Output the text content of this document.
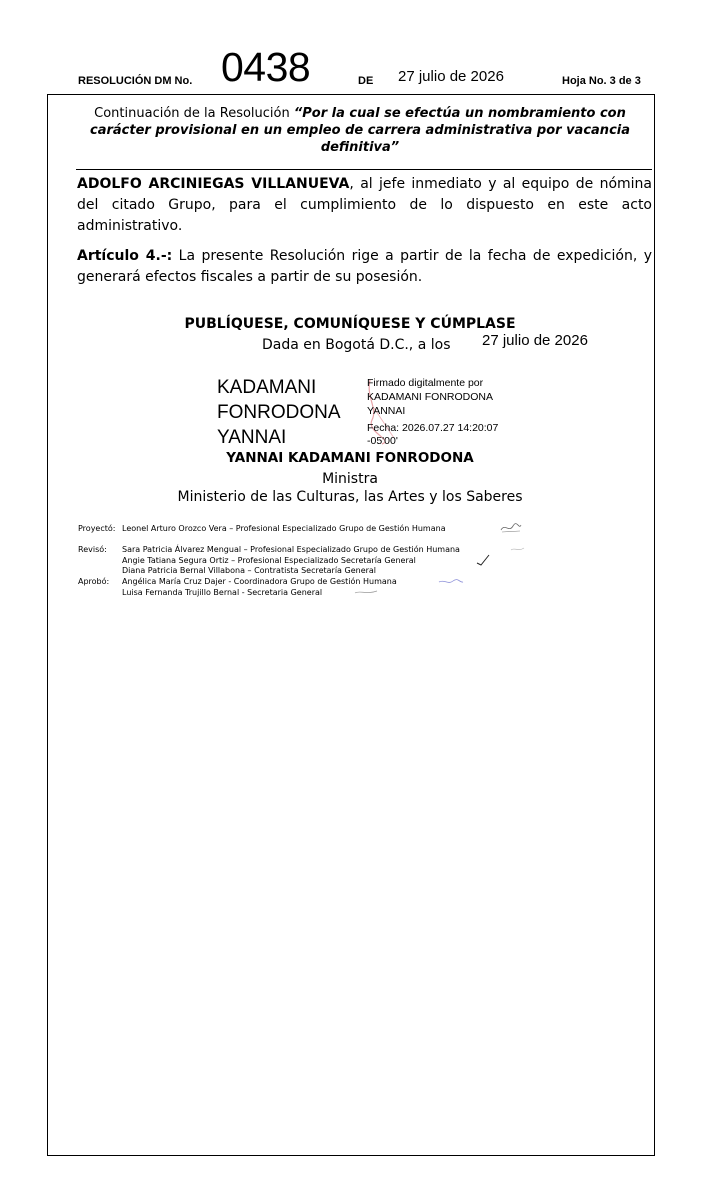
RESOLUCIÓN DM No. 0438	DE 27 julio de 2026	Hoja No. 3 de 3
Continuación de la Resolución “Por la cual se efectúa un nombramiento con carácter provisional en un empleo de carrera administrativa por vacancia definitiva”
ADOLFO ARCINIEGAS VILLANUEVA, al jefe inmediato y al equipo de nómina del citado Grupo, para el cumplimiento de lo dispuesto en este acto administrativo.
Artículo 4.-: La presente Resolución rige a partir de la fecha de expedición, y generará efectos fiscales a partir de su posesión.
PUBLÍQUESE, COMUNÍQUESE Y CÚMPLASE
Dada en Bogotá D.C., a los 27 julio de 2026
KADAMANI
FONRODONA
YANNAI
Firmado digitalmente por
KADAMANI FONRODONA
YANNAI
Fecha: 2026.07.27 14:20:07
-05'00'
YANNAI KADAMANI FONRODONA
Ministra
Ministerio de las Culturas, las Artes y los Saberes
Proyectó: Leonel Arturo Orozco Vera – Profesional Especializado Grupo de Gestión Humana
Revisó: Sara Patricia Álvarez Mengual – Profesional Especializado Grupo de Gestión Humana
Angie Tatiana Segura Ortiz – Profesional Especializado Secretaría General
Diana Patricia Bernal Villabona – Contratista Secretaría General
Aprobó: Angélica María Cruz Dajer - Coordinadora Grupo de Gestión Humana
Luisa Fernanda Trujillo Bernal - Secretaria General
